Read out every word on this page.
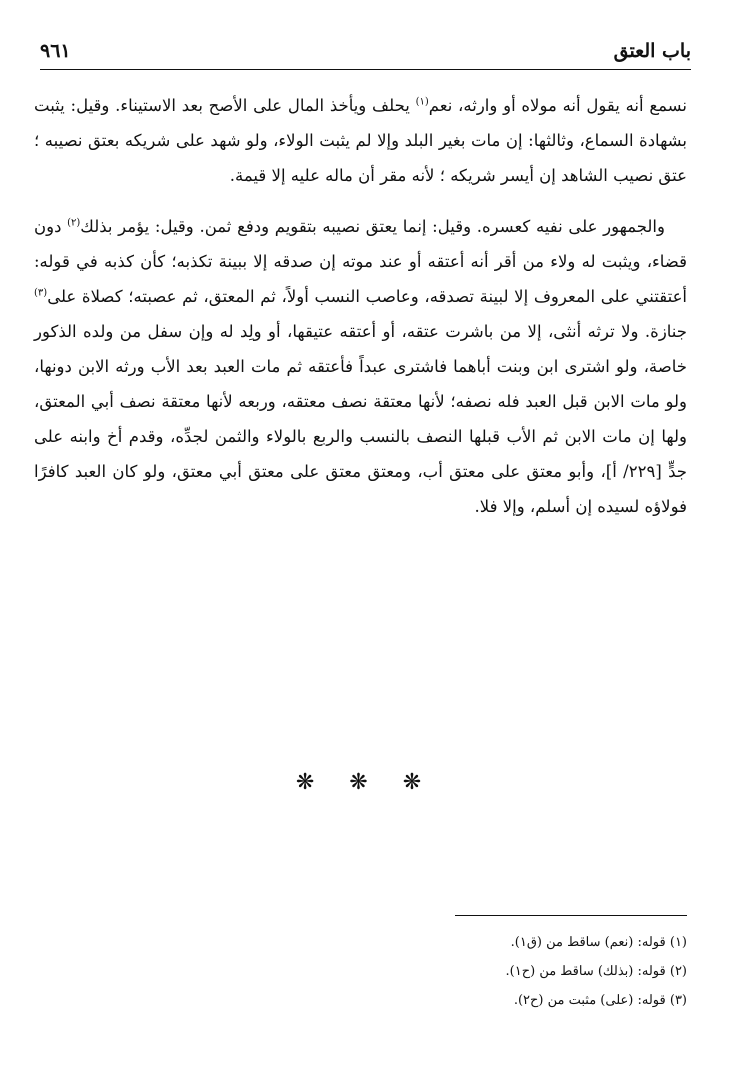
باب العتق
٩٦١

نسمع أنه يقول أنه مولاه أو وارثه، نعم$^{(١)}$ يحلف ويأخذ المال على الأصح بعد الاستيناء. وقيل: يثبت بشهادة السماع، وثالثها: إن مات بغير البلد وإلا لم يثبت الولاء، ولو شهد على شريكه بعتق نصيبه ؛ عتق نصيب الشاهد إن أيسر شريكه ؛ لأنه مقر أن ماله عليه إلا قيمة.

والجمهور على نفيه كعسره. وقيل: إنما يعتق نصيبه بتقويم ودفع ثمن. وقيل: يؤمر بذلك$^{(٢)}$ دون قضاء، ويثبت له ولاء من أقر أنه أعتقه أو عند موته إن صدقه إلا ببينة تكذبه؛ كأن كذبه في قوله: أعتقتني على المعروف إلا لبينة تصدقه، وعاصب النسب أولاً، ثم المعتق، ثم عصبته؛ كصلاة على$^{(٣)}$ جنازة. ولا ترثه أنثى، إلا من باشرت عتقه، أو أعتقه عتيقها، أو ولِد له وإن سفل من ولده الذكور خاصة، ولو اشترى ابن وبنت أباهما فاشترى عبداً فأعتقه ثم مات العبد بعد الأب ورثه الابن دونها، ولو مات الابن قبل العبد فله نصفه؛ لأنها معتقة نصف معتقه، وربعه لأنها معتقة نصف أبي المعتق، ولها إن مات الابن ثم الأب قبلها النصف بالنسب والربع بالولاء والثمن لجدِّه، وقدم أخ وابنه على جدٍّ [٢٢٩/ أ]، وأبو معتق على معتق أب، ومعتق معتق على معتق أبي معتق، ولو كان العبد كافرًا فولاؤه لسيده إن أسلم، وإلا فلا.

❋ ❋ ❋
(١) قوله: (نعم) ساقط من (ق١).
(٢) قوله: (بذلك) ساقط من (ح١).
(٣) قوله: (على) مثبت من (ح٢).
